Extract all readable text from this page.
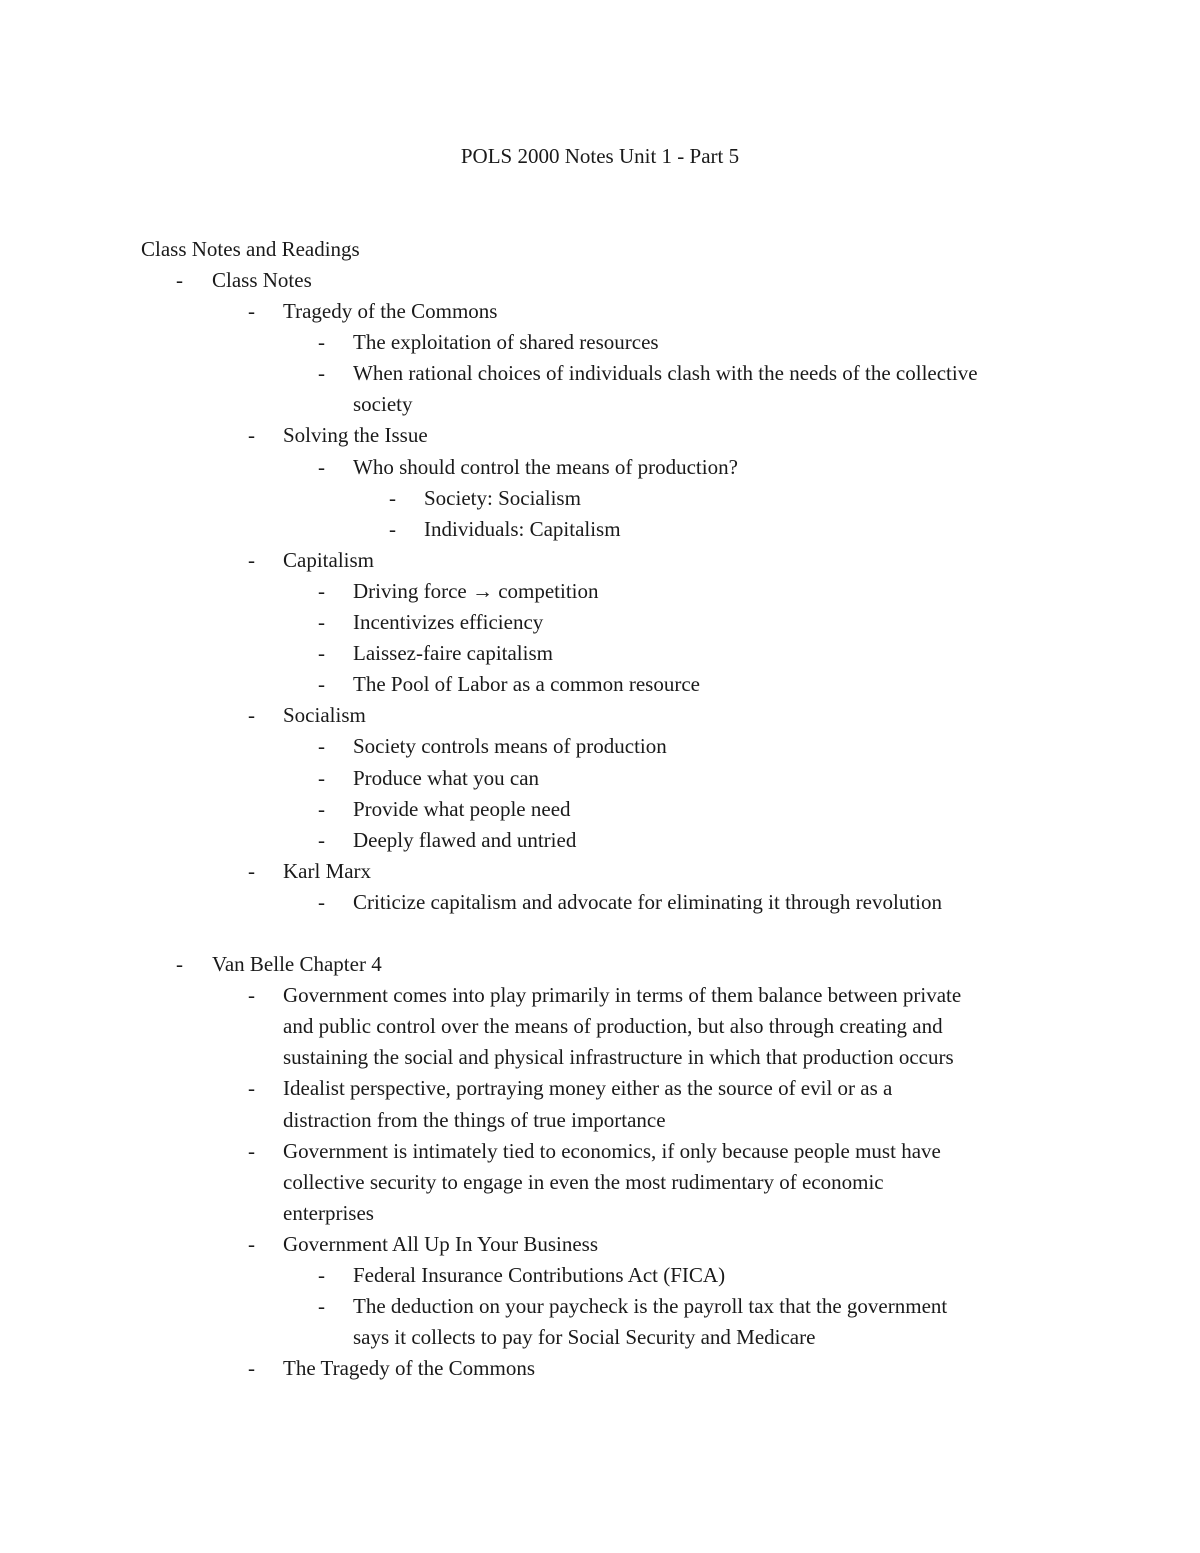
POLS 2000 Notes Unit 1 - Part 5
Class Notes and Readings
- Class Notes
- Tragedy of the Commons
- The exploitation of shared resources
- When rational choices of individuals clash with the needs of the collective
society
- Solving the Issue
- Who should control the means of production?
- Society: Socialism
- Individuals: Capitalism
- Capitalism
- Driving force → competition
- Incentivizes efficiency
- Laissez-faire capitalism
- The Pool of Labor as a common resource
- Socialism
- Society controls means of production
- Produce what you can
- Provide what people need
- Deeply flawed and untried
- Karl Marx
- Criticize capitalism and advocate for eliminating it through revolution
- Van Belle Chapter 4
- Government comes into play primarily in terms of them balance between private
and public control over the means of production, but also through creating and
sustaining the social and physical infrastructure in which that production occurs
- Idealist perspective, portraying money either as the source of evil or as a
distraction from the things of true importance
- Government is intimately tied to economics, if only because people must have
collective security to engage in even the most rudimentary of economic
enterprises
- Government All Up In Your Business
- Federal Insurance Contributions Act (FICA)
- The deduction on your paycheck is the payroll tax that the government
says it collects to pay for Social Security and Medicare
- The Tragedy of the Commons
